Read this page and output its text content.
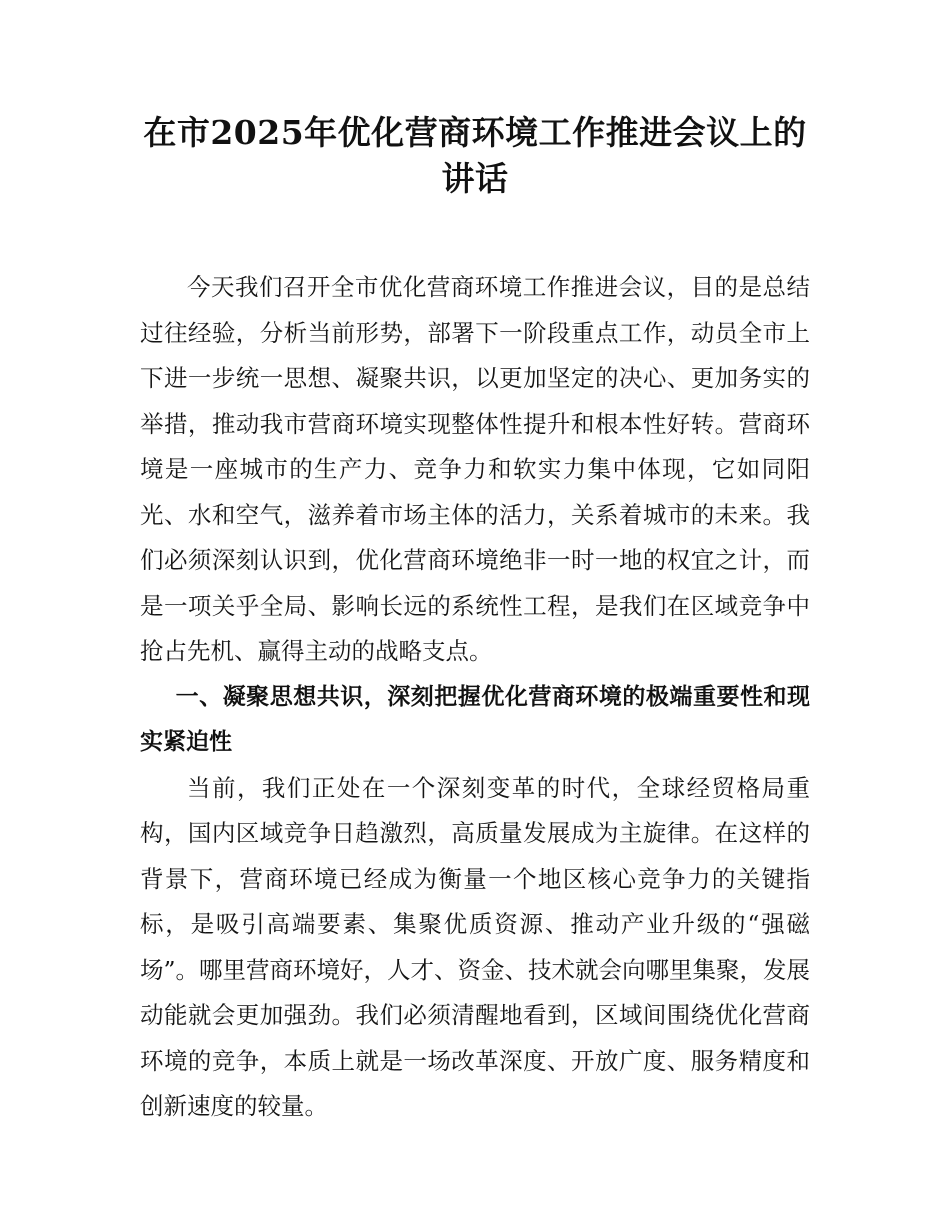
在市2025年优化营商环境工作推进会议上的讲话

今天我们召开全市优化营商环境工作推进会议，目的是总结过往经验，分析当前形势，部署下一阶段重点工作，动员全市上下进一步统一思想、凝聚共识，以更加坚定的决心、更加务实的举措，推动我市营商环境实现整体性提升和根本性好转。营商环境是一座城市的生产力、竞争力和软实力集中体现，它如同阳光、水和空气，滋养着市场主体的活力，关系着城市的未来。我们必须深刻认识到，优化营商环境绝非一时一地的权宜之计，而是一项关乎全局、影响长远的系统性工程，是我们在区域竞争中抢占先机、赢得主动的战略支点。

一、凝聚思想共识，深刻把握优化营商环境的极端重要性和现实紧迫性

当前，我们正处在一个深刻变革的时代，全球经贸格局重构，国内区域竞争日趋激烈，高质量发展成为主旋律。在这样的背景下，营商环境已经成为衡量一个地区核心竞争力的关键指标，是吸引高端要素、集聚优质资源、推动产业升级的“强磁场”。哪里营商环境好，人才、资金、技术就会向哪里集聚，发展动能就会更加强劲。我们必须清醒地看到，区域间围绕优化营商环境的竞争，本质上就是一场改革深度、开放广度、服务精度和创新速度的较量。
